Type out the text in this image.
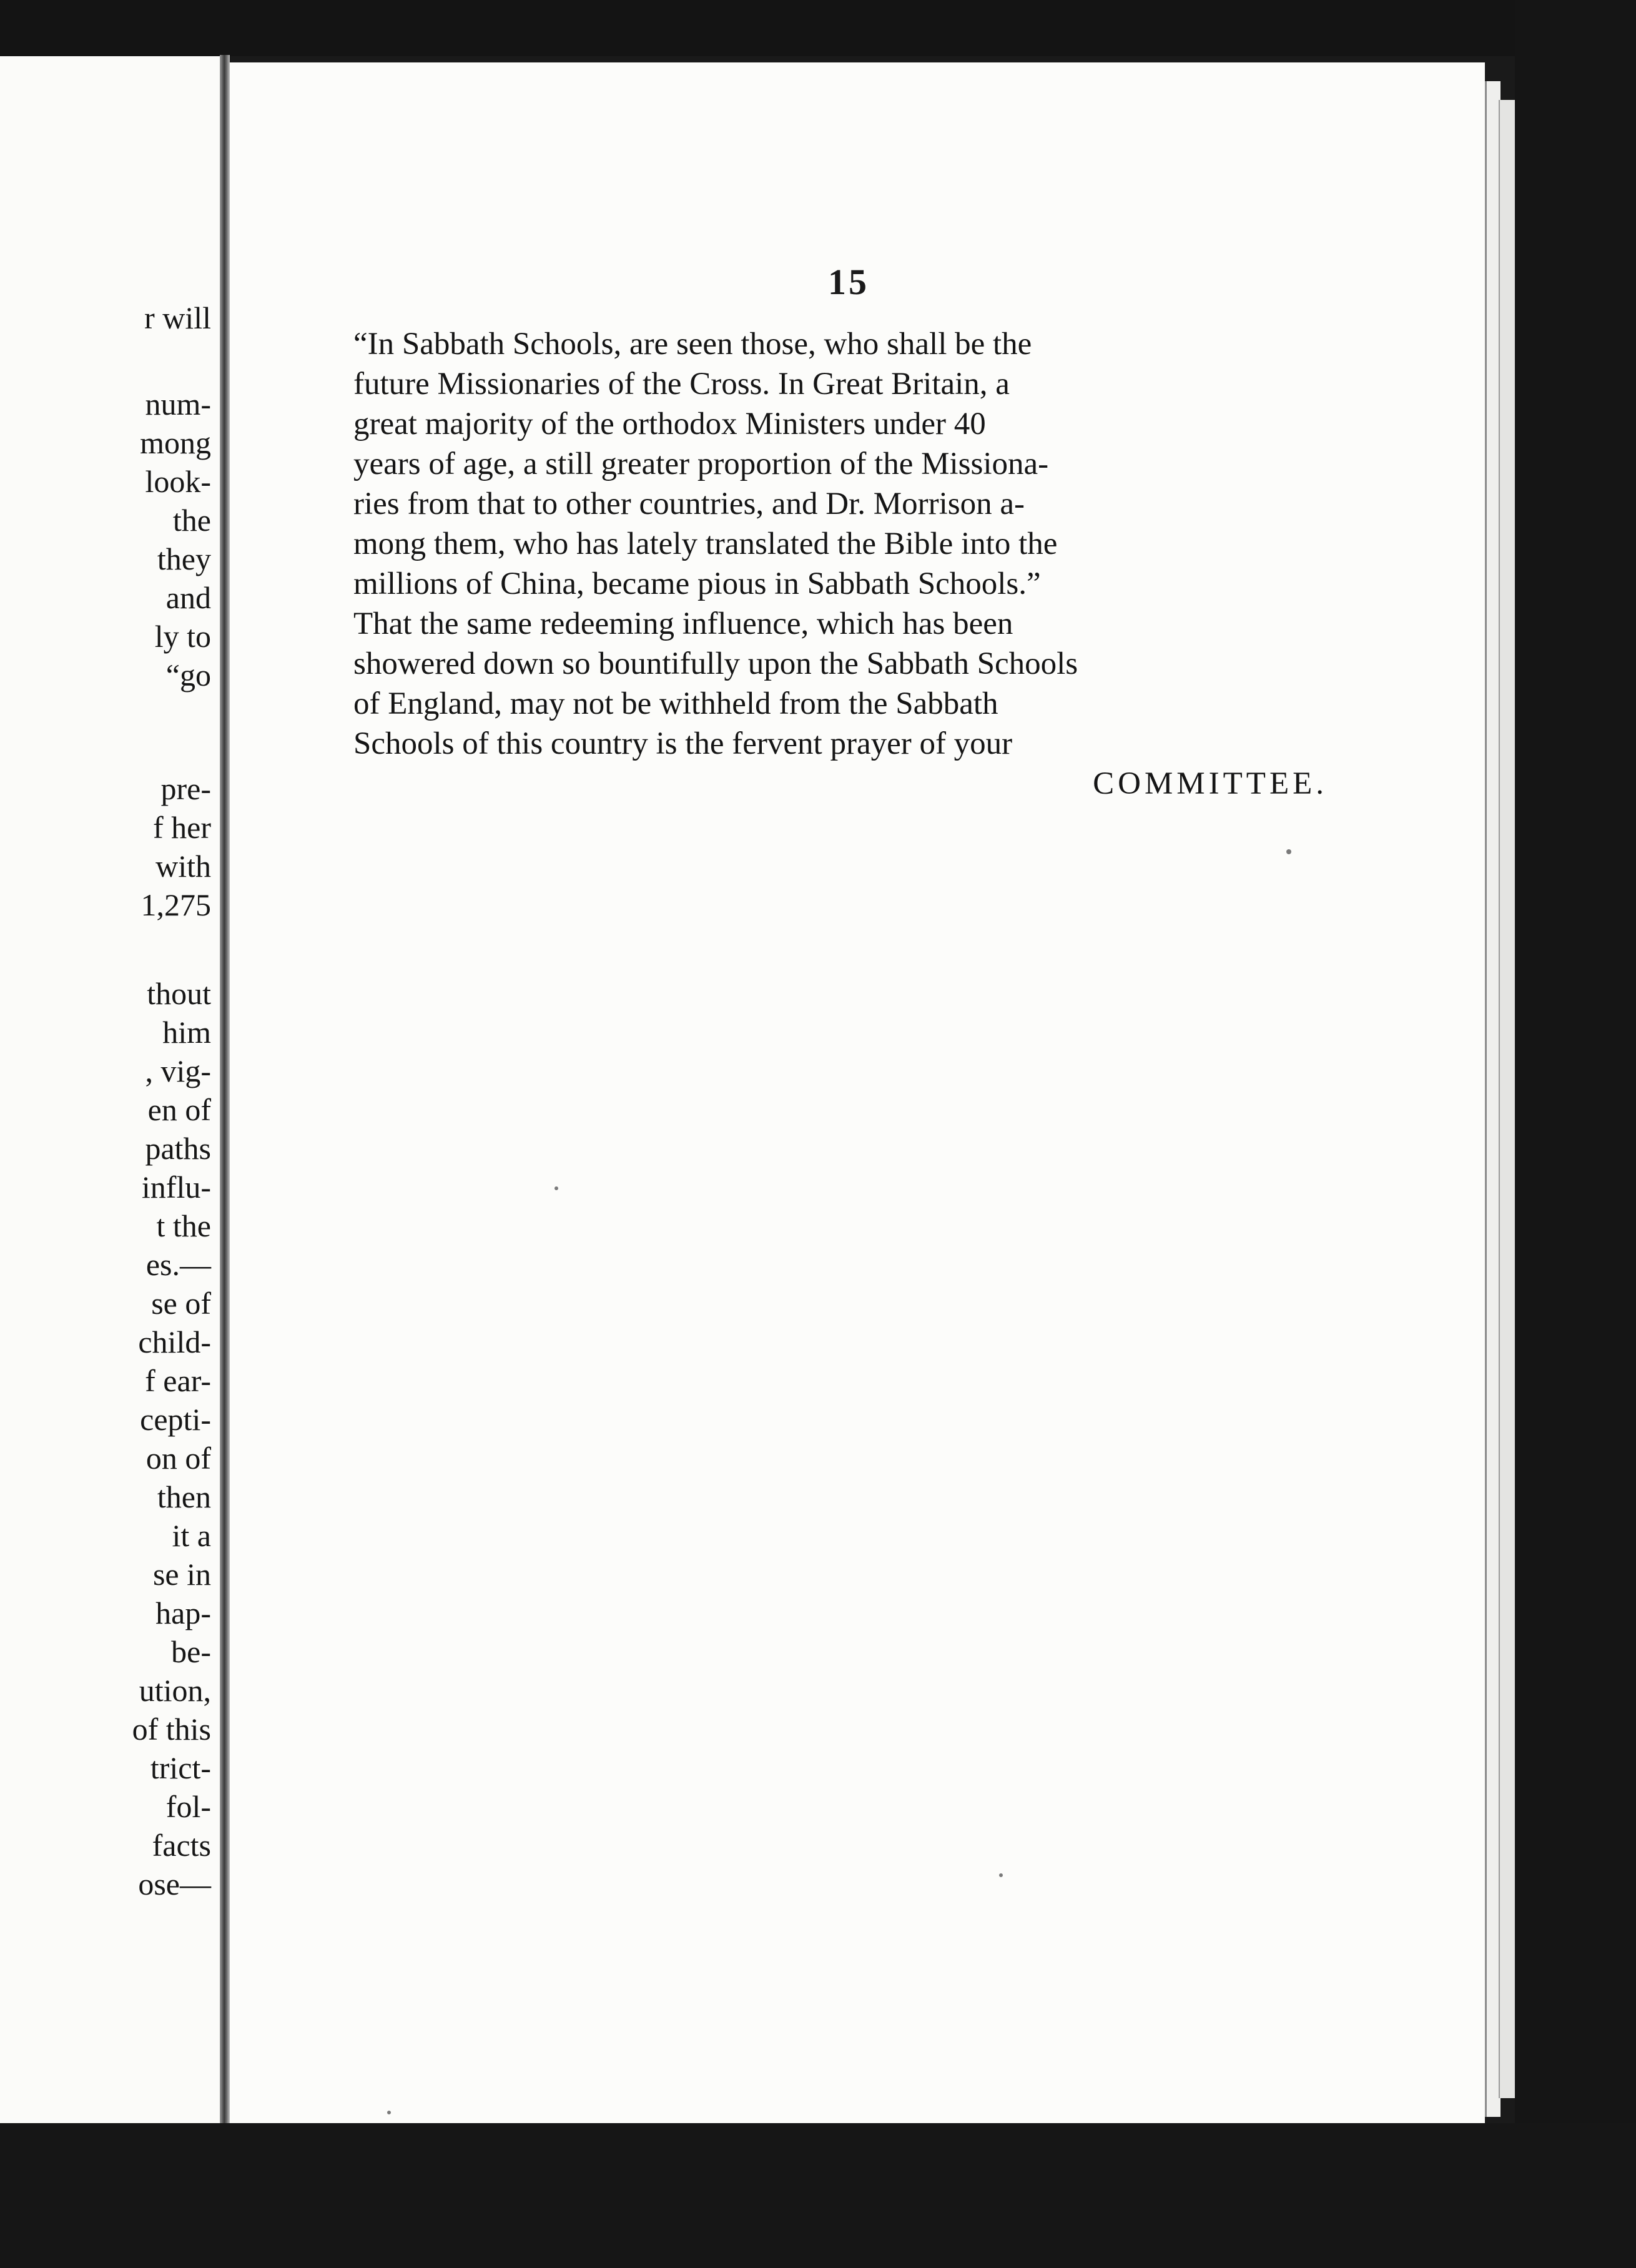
r will
num-
mong
look-
the
they
and
ly to
“go
pre-
f her
with
1,275
thout
him
, vig-
en of
paths
influ-
t the
es.—
se of
child-
f ear-
cepti-
on of
then
it a
se in
hap-
be-
ution,
of this
trict-
fol-
facts
ose—
15
“In Sabbath Schools, are seen those, who shall be the
future Missionaries of the Cross. In Great Britain, a
great majority of the orthodox Ministers under 40
years of age, a still greater proportion of the Missiona-
ries from that to other countries, and Dr. Morrison a-
mong them, who has lately translated the Bible into the
millions of China, became pious in Sabbath Schools.”
That the same redeeming influence, which has been
showered down so bountifully upon the Sabbath Schools
of England, may not be withheld from the Sabbath
Schools of this country is the fervent prayer of your
COMMITTEE.
